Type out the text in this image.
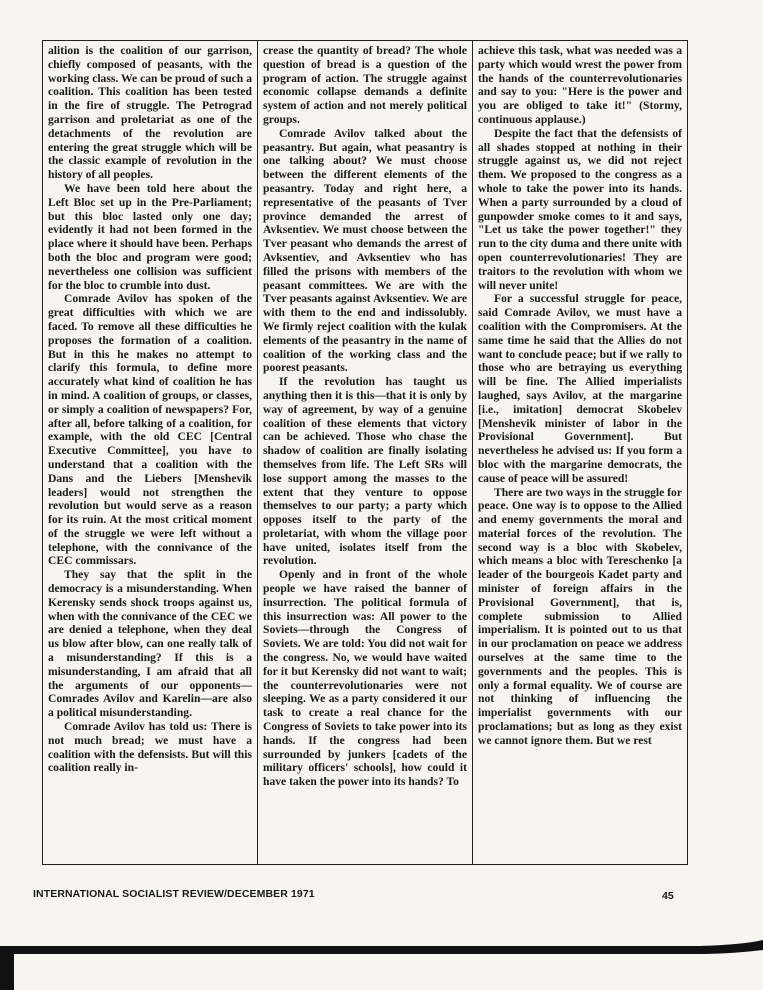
alition is the coalition of our garrison, chiefly composed of peasants, with the working class. We can be proud of such a coalition. This coalition has been tested in the fire of struggle. The Petrograd garrison and proletariat as one of the detachments of the revolution are entering the great struggle which will be the classic example of revolution in the history of all peoples.

We have been told here about the Left Bloc set up in the Pre-Parliament; but this bloc lasted only one day; evidently it had not been formed in the place where it should have been. Perhaps both the bloc and program were good; nevertheless one collision was sufficient for the bloc to crumble into dust.

Comrade Avilov has spoken of the great difficulties with which we are faced. To remove all these difficulties he proposes the formation of a coalition. But in this he makes no attempt to clarify this formula, to define more accurately what kind of coalition he has in mind. A coalition of groups, or classes, or simply a coalition of newspapers? For, after all, before talking of a coalition, for example, with the old CEC [Central Executive Committee], you have to understand that a coalition with the Dans and the Liebers [Menshevik leaders] would not strengthen the revolution but would serve as a reason for its ruin. At the most critical moment of the struggle we were left without a telephone, with the connivance of the CEC commissars.

They say that the split in the democracy is a misunderstanding. When Kerensky sends shock troops against us, when with the connivance of the CEC we are denied a telephone, when they deal us blow after blow, can one really talk of a misunderstanding? If this is a misunderstanding, I am afraid that all the arguments of our opponents—Comrades Avilov and Karelin—are also a political misunderstanding.

Comrade Avilov has told us: There is not much bread; we must have a coalition with the defensists. But will this coalition really in-

crease the quantity of bread? The whole question of bread is a question of the program of action. The struggle against economic collapse demands a definite system of action and not merely political groups.

Comrade Avilov talked about the peasantry. But again, what peasantry is one talking about? We must choose between the different elements of the peasantry. Today and right here, a representative of the peasants of Tver province demanded the arrest of Avksentiev. We must choose between the Tver peasant who demands the arrest of Avksentiev, and Avksentiev who has filled the prisons with members of the peasant committees. We are with the Tver peasants against Avksentiev. We are with them to the end and indissolubly. We firmly reject coalition with the kulak elements of the peasantry in the name of coalition of the working class and the poorest peasants.

If the revolution has taught us anything then it is this—that it is only by way of agreement, by way of a genuine coalition of these elements that victory can be achieved. Those who chase the shadow of coalition are finally isolating themselves from life. The Left SRs will lose support among the masses to the extent that they venture to oppose themselves to our party; a party which opposes itself to the party of the proletariat, with whom the village poor have united, isolates itself from the revolution.

Openly and in front of the whole people we have raised the banner of insurrection. The political formula of this insurrection was: All power to the Soviets—through the Congress of Soviets. We are told: You did not wait for the congress. No, we would have waited for it but Kerensky did not want to wait; the counterrevolutionaries were not sleeping. We as a party considered it our task to create a real chance for the Congress of Soviets to take power into its hands. If the congress had been surrounded by junkers [cadets of the military officers' schools], how could it have taken the power into its hands? To

achieve this task, what was needed was a party which would wrest the power from the hands of the counterrevolutionaries and say to you: "Here is the power and you are obliged to take it!" (Stormy, continuous applause.)

Despite the fact that the defensists of all shades stopped at nothing in their struggle against us, we did not reject them. We proposed to the congress as a whole to take the power into its hands. When a party surrounded by a cloud of gunpowder smoke comes to it and says, "Let us take the power together!" they run to the city duma and there unite with open counterrevolutionaries! They are traitors to the revolution with whom we will never unite!

For a successful struggle for peace, said Comrade Avilov, we must have a coalition with the Compromisers. At the same time he said that the Allies do not want to conclude peace; but if we rally to those who are betraying us everything will be fine. The Allied imperialists laughed, says Avilov, at the margarine [i.e., imitation] democrat Skobelev [Menshevik minister of labor in the Provisional Government]. But nevertheless he advised us: If you form a bloc with the margarine democrats, the cause of peace will be assured!

There are two ways in the struggle for peace. One way is to oppose to the Allied and enemy governments the moral and material forces of the revolution. The second way is a bloc with Skobelev, which means a bloc with Tereschenko [a leader of the bourgeois Kadet party and minister of foreign affairs in the Provisional Government], that is, complete submission to Allied imperialism. It is pointed out to us that in our proclamation on peace we address ourselves at the same time to the governments and the peoples. This is only a formal equality. We of course are not thinking of influencing the imperialist governments with our proclamations; but as long as they exist we cannot ignore them. But we rest

INTERNATIONAL SOCIALIST REVIEW/DECEMBER 1971	45
